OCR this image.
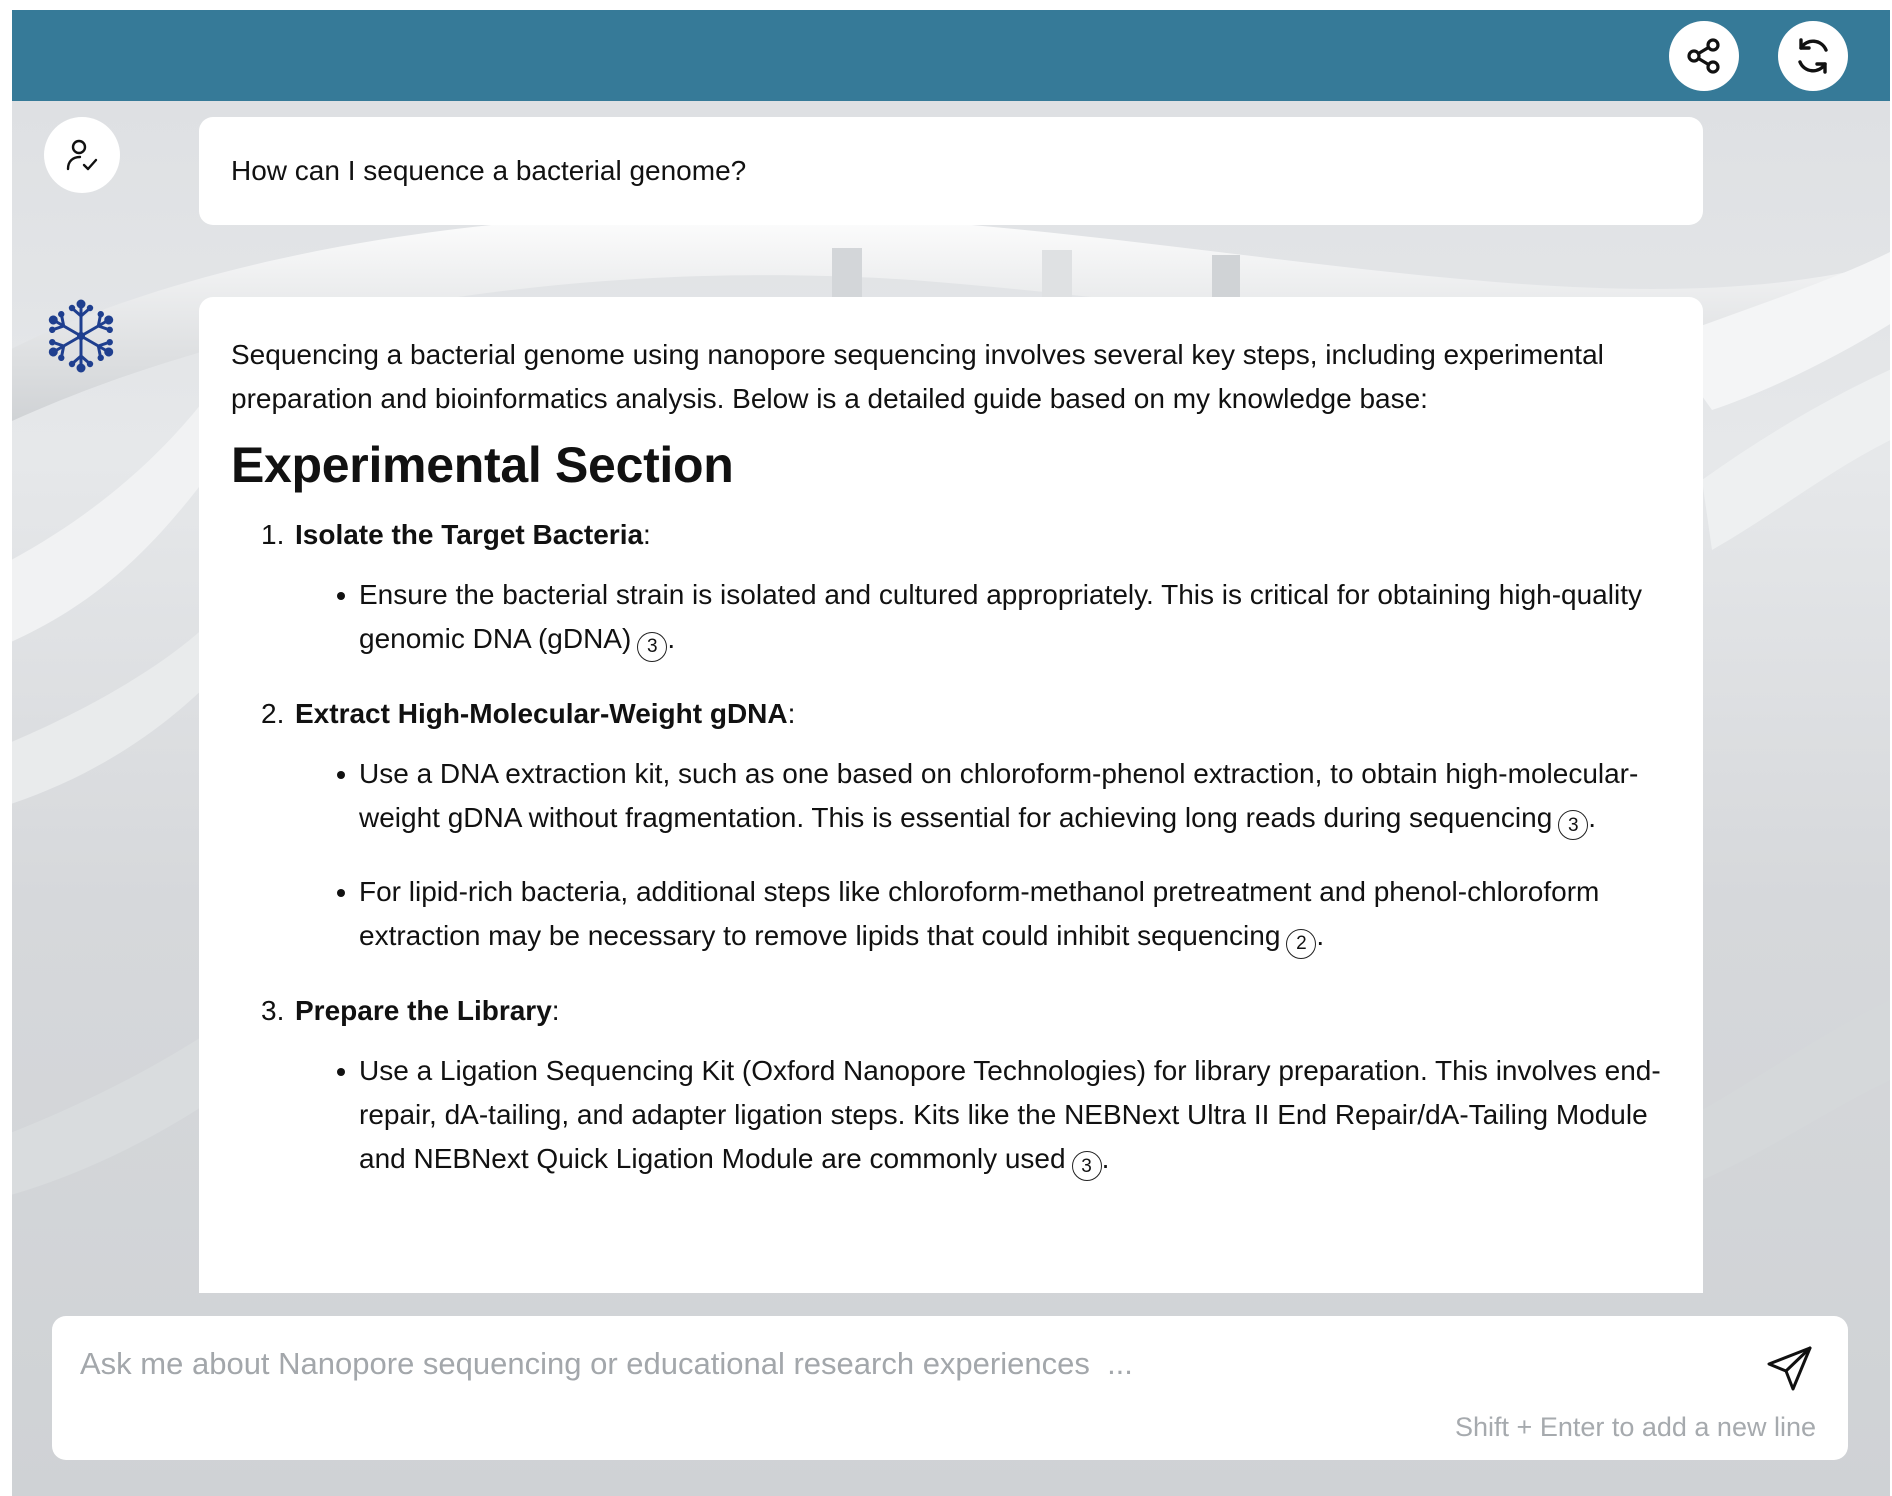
How can I sequence a bacterial genome?

Sequencing a bacterial genome using nanopore sequencing involves several key steps, including experimental preparation and bioinformatics analysis. Below is a detailed guide based on my knowledge base:

Experimental Section
1. Isolate the Target Bacteria:
Ensure the bacterial strain is isolated and cultured appropriately. This is critical for obtaining high-quality genomic DNA (gDNA) 3 .
2. Extract High-Molecular-Weight gDNA:
Use a DNA extraction kit, such as one based on chloroform-phenol extraction, to obtain high-molecular-weight gDNA without fragmentation. This is essential for achieving long reads during sequencing 3 .
For lipid-rich bacteria, additional steps like chloroform-methanol pretreatment and phenol-chloroform extraction may be necessary to remove lipids that could inhibit sequencing 2 .
3. Prepare the Library:
Use a Ligation Sequencing Kit (Oxford Nanopore Technologies) for library preparation. This involves end-repair, dA-tailing, and adapter ligation steps. Kits like the NEBNext Ultra II End Repair/dA-Tailing Module and NEBNext Quick Ligation Module are commonly used 3 .
Ask me about Nanopore sequencing or educational research experiences ...
Shift + Enter to add a new line
